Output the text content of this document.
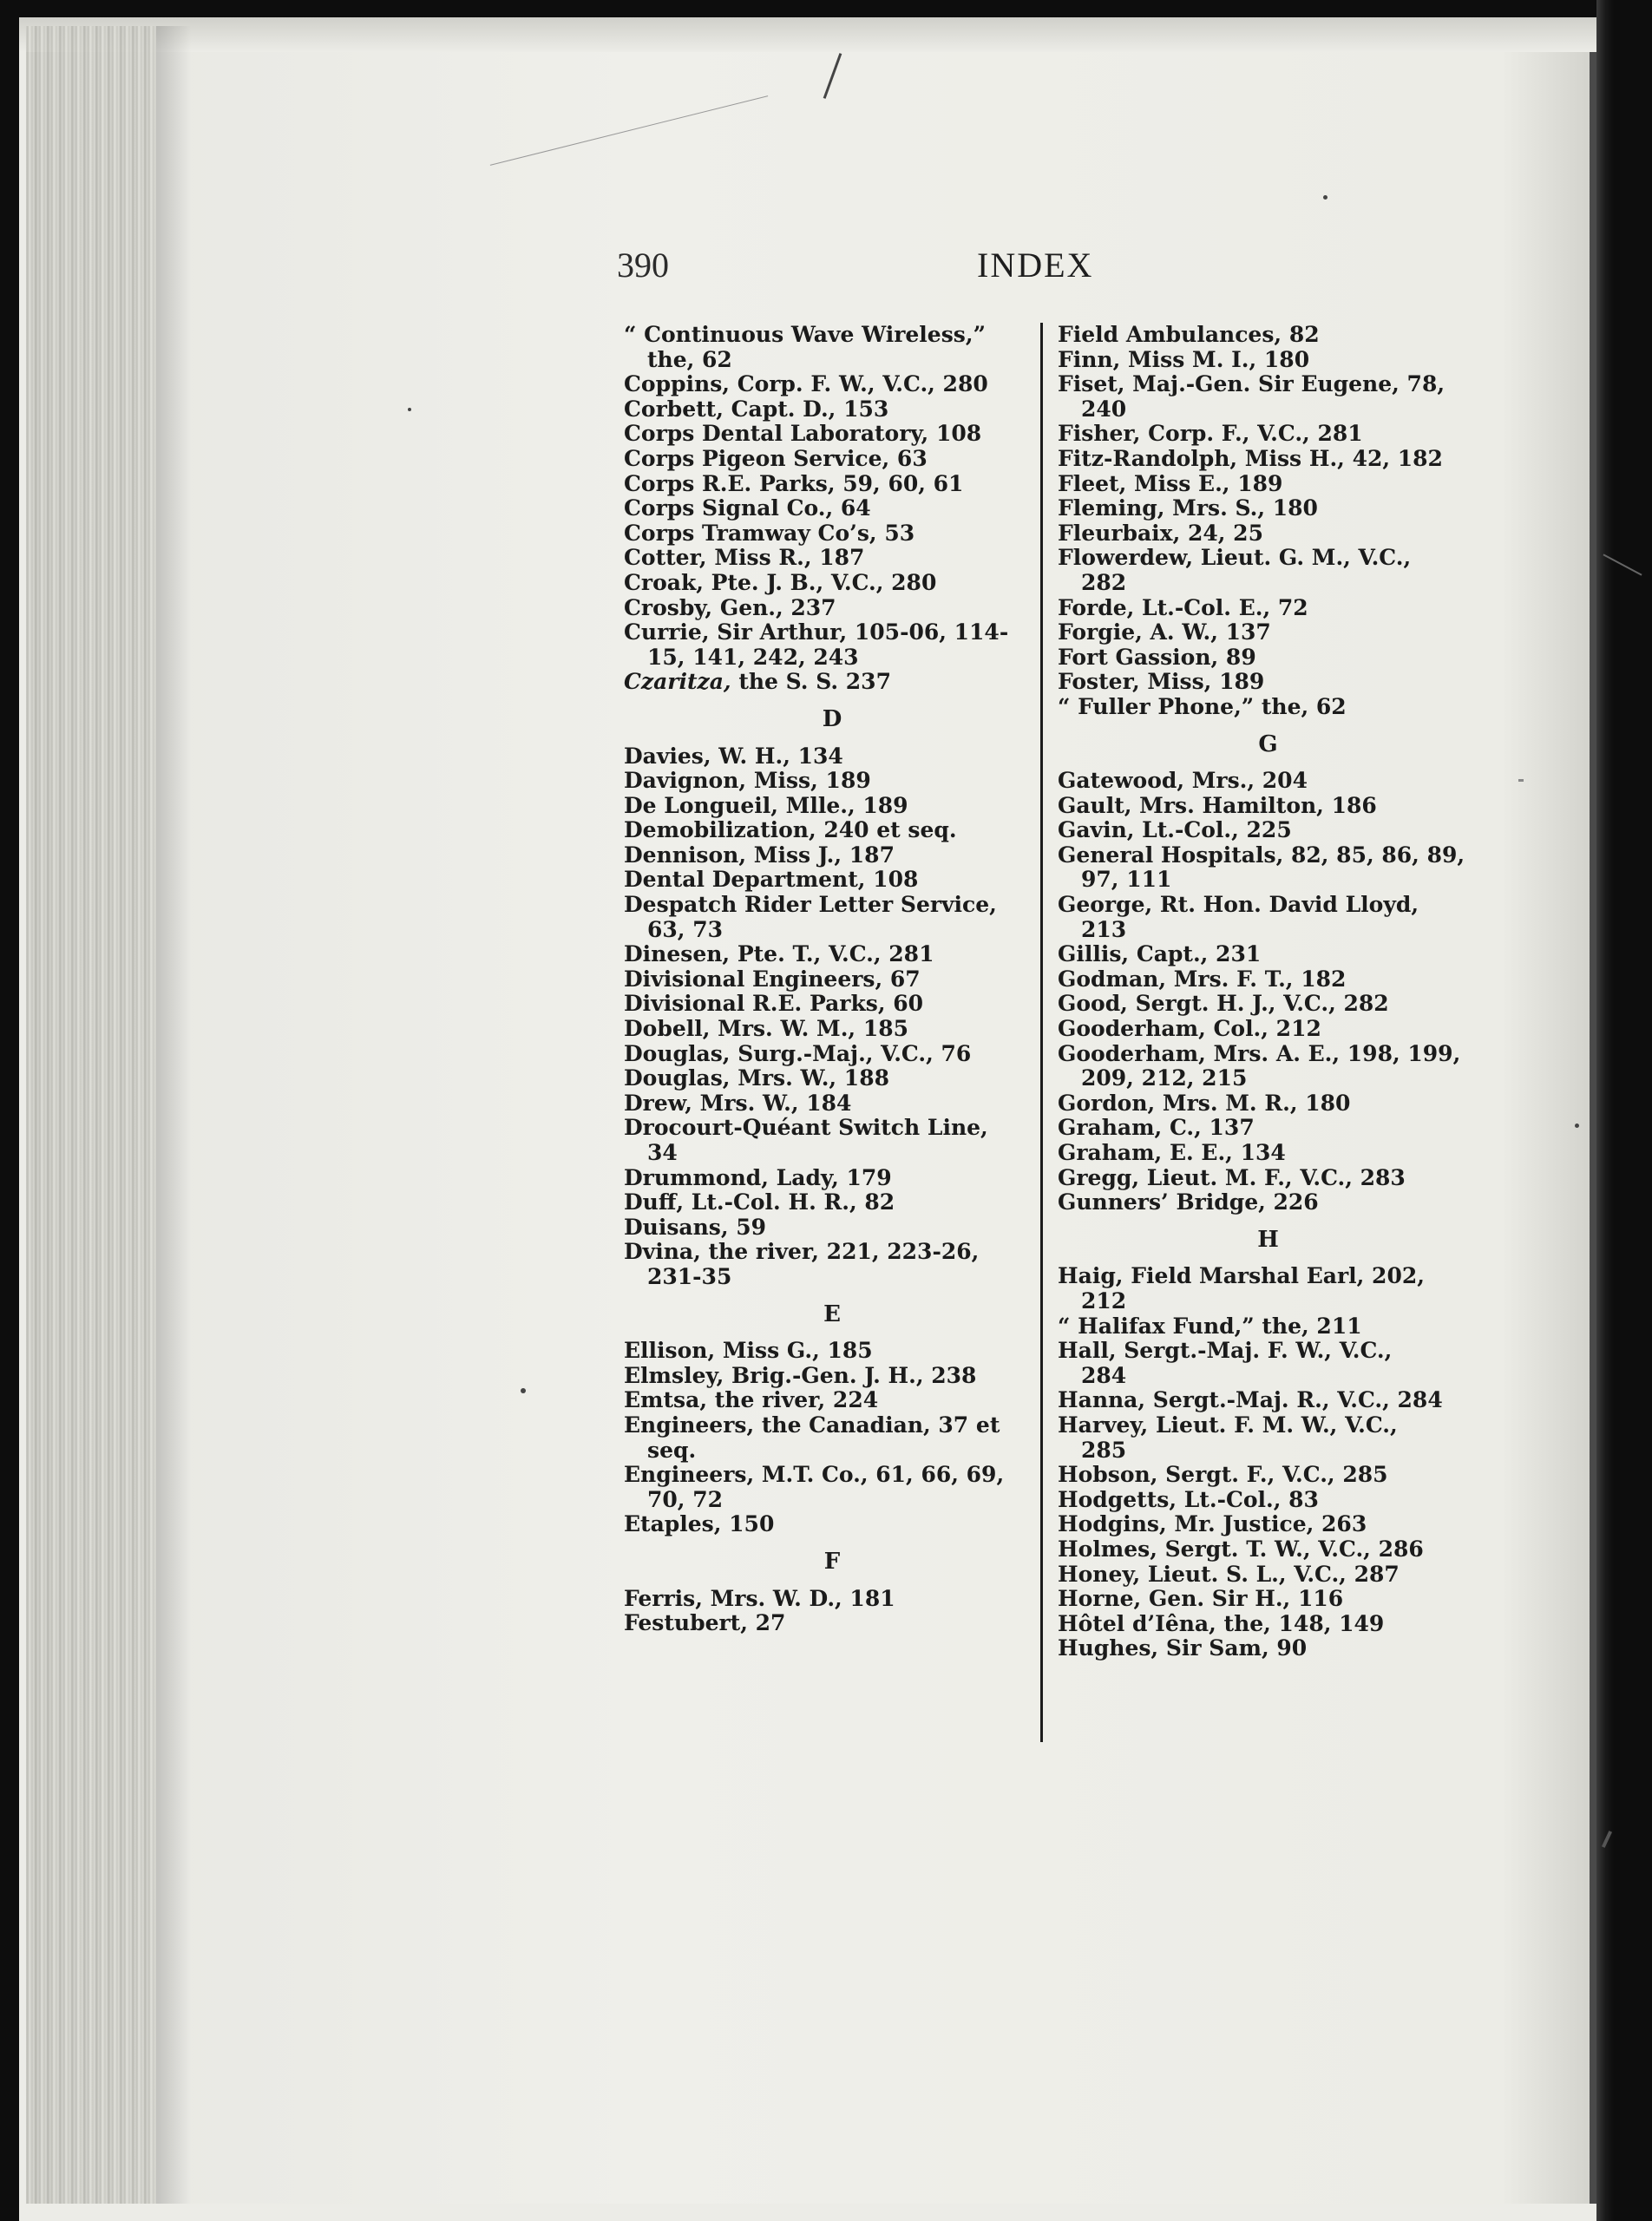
390	INDEX
“ Continuous Wave Wireless,”
the, 62
Coppins, Corp. F. W., V.C., 280
Corbett, Capt. D., 153
Corps Dental Laboratory, 108
Corps Pigeon Service, 63
Corps R.E. Parks, 59, 60, 61
Corps Signal Co., 64
Corps Tramway Co’s, 53
Cotter, Miss R., 187
Croak, Pte. J. B., V.C., 280
Crosby, Gen., 237
Currie, Sir Arthur, 105-06, 114-
15, 141, 242, 243
Czaritza, the S. S. 237
D
Davies, W. H., 134
Davignon, Miss, 189
De Longueil, Mlle., 189
Demobilization, 240 et seq.
Dennison, Miss J., 187
Dental Department, 108
Despatch Rider Letter Service,
63, 73
Dinesen, Pte. T., V.C., 281
Divisional Engineers, 67
Divisional R.E. Parks, 60
Dobell, Mrs. W. M., 185
Douglas, Surg.-Maj., V.C., 76
Douglas, Mrs. W., 188
Drew, Mrs. W., 184
Drocourt-Quéant Switch Line,
34
Drummond, Lady, 179
Duff, Lt.-Col. H. R., 82
Duisans, 59
Dvina, the river, 221, 223-26,
231-35
E
Ellison, Miss G., 185
Elmsley, Brig.-Gen. J. H., 238
Emtsa, the river, 224
Engineers, the Canadian, 37 et
seq.
Engineers, M.T. Co., 61, 66, 69,
70, 72
Etaples, 150
F
Ferris, Mrs. W. D., 181
Festubert, 27
Field Ambulances, 82
Finn, Miss M. I., 180
Fiset, Maj.-Gen. Sir Eugene, 78,
240
Fisher, Corp. F., V.C., 281
Fitz-Randolph, Miss H., 42, 182
Fleet, Miss E., 189
Fleming, Mrs. S., 180
Fleurbaix, 24, 25
Flowerdew, Lieut. G. M., V.C.,
282
Forde, Lt.-Col. E., 72
Forgie, A. W., 137
Fort Gassion, 89
Foster, Miss, 189
“ Fuller Phone,” the, 62
G
Gatewood, Mrs., 204
Gault, Mrs. Hamilton, 186
Gavin, Lt.-Col., 225
General Hospitals, 82, 85, 86, 89,
97, 111
George, Rt. Hon. David Lloyd,
213
Gillis, Capt., 231
Godman, Mrs. F. T., 182
Good, Sergt. H. J., V.C., 282
Gooderham, Col., 212
Gooderham, Mrs. A. E., 198, 199,
209, 212, 215
Gordon, Mrs. M. R., 180
Graham, C., 137
Graham, E. E., 134
Gregg, Lieut. M. F., V.C., 283
Gunners’ Bridge, 226
H
Haig, Field Marshal Earl, 202,
212
“ Halifax Fund,” the, 211
Hall, Sergt.-Maj. F. W., V.C.,
284
Hanna, Sergt.-Maj. R., V.C., 284
Harvey, Lieut. F. M. W., V.C.,
285
Hobson, Sergt. F., V.C., 285
Hodgetts, Lt.-Col., 83
Hodgins, Mr. Justice, 263
Holmes, Sergt. T. W., V.C., 286
Honey, Lieut. S. L., V.C., 287
Horne, Gen. Sir H., 116
Hôtel d’Iêna, the, 148, 149
Hughes, Sir Sam, 90
